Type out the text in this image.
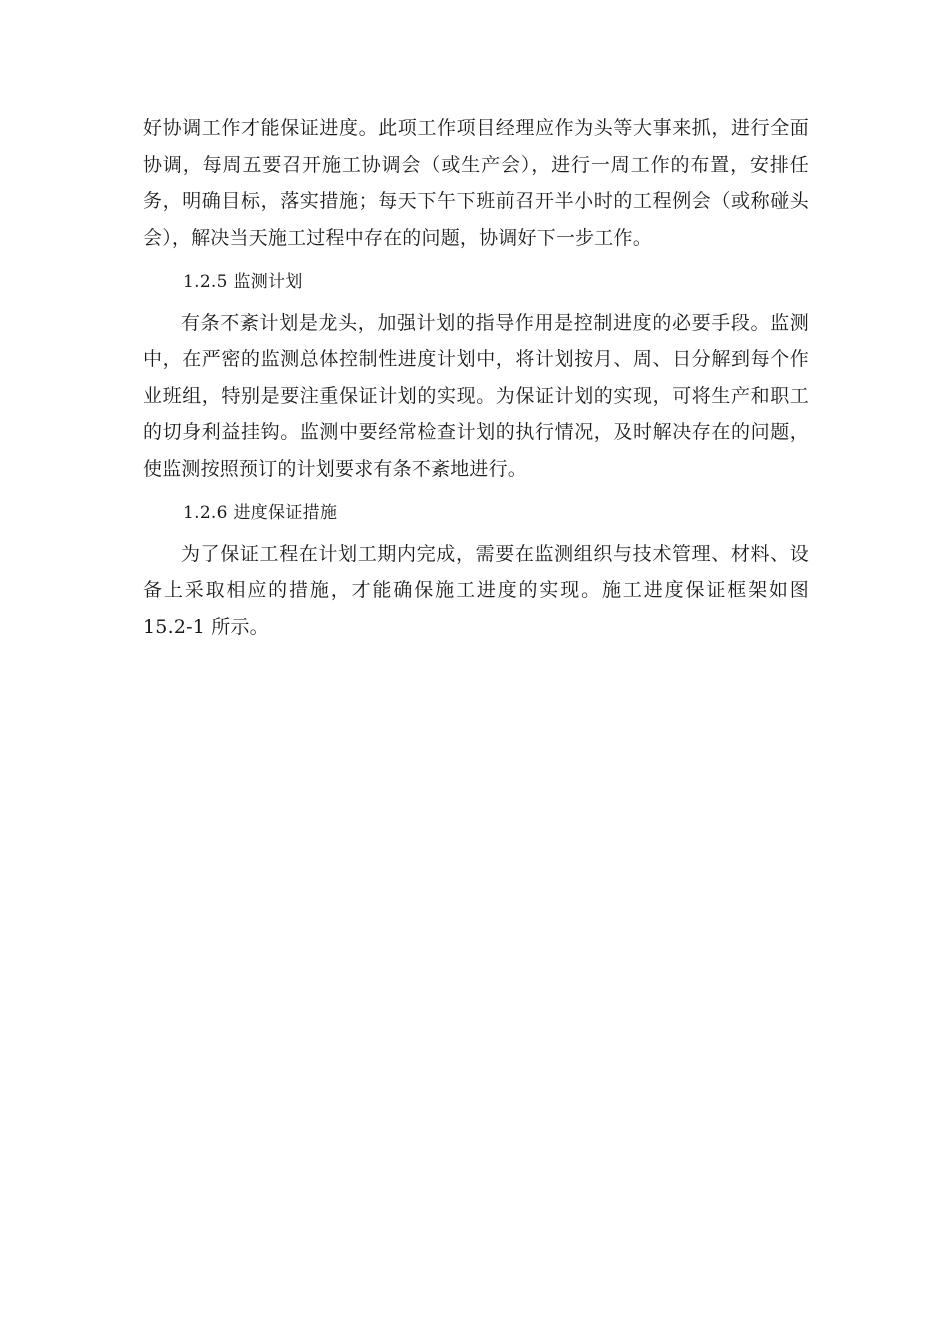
好协调工作才能保证进度。此项工作项目经理应作为头等大事来抓，进行全面协调，每周五要召开施工协调会（或生产会），进行一周工作的布置，安排任务，明确目标，落实措施；每天下午下班前召开半小时的工程例会（或称碰头会），解决当天施工过程中存在的问题，协调好下一步工作。

1.2.5 监测计划

有条不紊计划是龙头，加强计划的指导作用是控制进度的必要手段。监测中，在严密的监测总体控制性进度计划中，将计划按月、周、日分解到每个作业班组，特别是要注重保证计划的实现。为保证计划的实现，可将生产和职工的切身利益挂钩。监测中要经常检查计划的执行情况，及时解决存在的问题，使监测按照预订的计划要求有条不紊地进行。

1.2.6 进度保证措施

为了保证工程在计划工期内完成，需要在监测组织与技术管理、材料、设备上采取相应的措施，才能确保施工进度的实现。施工进度保证框架如图 15.2-1 所示。
